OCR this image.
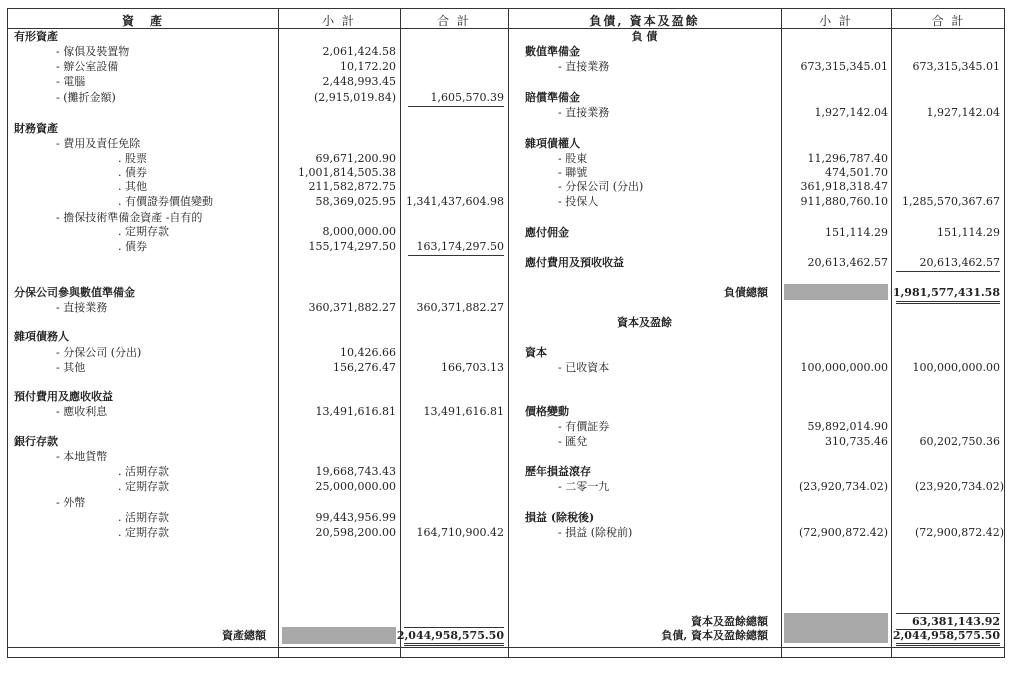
資　產	小 計	合 計	負債, 資本及盈餘	小 計	合 計
有形資產
- 傢俱及裝置物	2,061,424.58
- 辦公室設備	10,172.20
- 電腦	2,448,993.45
- (攤折金額)	(2,915,019.84)	1,605,570.39
財務資產
- 費用及責任免除
. 股票	69,671,200.90
. 債券	1,001,814,505.38
. 其他	211,582,872.75
. 有價證券價值變動	58,369,025.95 1,341,437,604.98
- 擔保技術準備金資產 -自有的
. 定期存款	8,000,000.00
. 債券	155,174,297.50 163,174,297.50
分保公司參與數值準備金
- 直接業務	360,371,882.27 360,371,882.27
雜項債務人
- 分保公司 (分出)	10,426.66
- 其他	156,276.47	166,703.13
預付費用及應收收益
- 應收利息	13,491,616.81	13,491,616.81
銀行存款
- 本地貨幣
. 活期存款	19,668,743.43
. 定期存款	25,000,000.00
- 外幣
. 活期存款	99,443,956.99
. 定期存款	20,598,200.00 164,710,900.42
負 債
數值準備金
- 直接業務	673,315,345.01 673,315,345.01
賠償準備金
- 直接業務	1,927,142.04	1,927,142.04
雜項債權人
- 股東	11,296,787.40
- 聯號	474,501.70
- 分保公司 (分出)	361,918,318.47
- 投保人	911,880,760.10 1,285,570,367.67
應付佣金	151,114.29	151,114.29
應付費用及預收收益	20,613,462.57	20,613,462.57
負債總額	1,981,577,431.58
資本及盈餘
資本
- 已收資本	100,000,000.00 100,000,000.00
價格變動
- 有價証券	59,892,014.90
- 匯兌	310,735.46	60,202,750.36
歷年損益滾存
- 二零一九	(23,920,734.02) (23,920,734.02)
損益 (除稅後)
- 損益 (除稅前)	(72,900,872.42) (72,900,872.42)
資本及盈餘總額	63,381,143.92
負債, 資本及盈餘總額	2,044,958,575.50
資產總額	2,044,958,575.50
